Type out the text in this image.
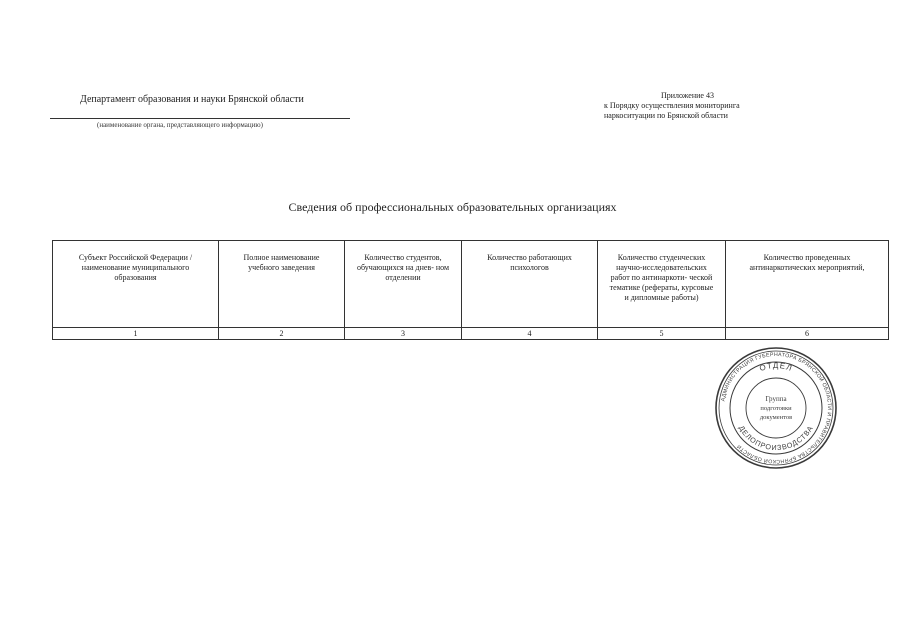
Департамент образования и науки Брянской области
(наименование органа, представляющего информацию)
Приложение 43
к Порядку осуществления мониторинга
наркоситуации по Брянской области
Сведения об профессиональных образовательных организациях
Субъект Российской Федерации /наименование муниципального образования	Полное наименование учебного заведения	Количество студентов, обучающихся на днев- ном отделении	Количество работающих психологов	Количество студенческих научно-исследовательских работ по антинаркоти- ческой тематике (рефераты, курсовые и дипломные работы)	Количество проведенных антинаркотических мероприятий,
1	2	3	4	5	6
АДМИНИСТРАЦИЯ ГУБЕРНАТОРА БРЯНСКОЙ ОБЛАСТИ И ПРАВИТЕЛЬСТВА БРЯНСКОЙ ОБЛАСТИ
ОТДЕЛ
ДЕЛОПРОИЗВОДСТВА
Группа
подготовки
документов
